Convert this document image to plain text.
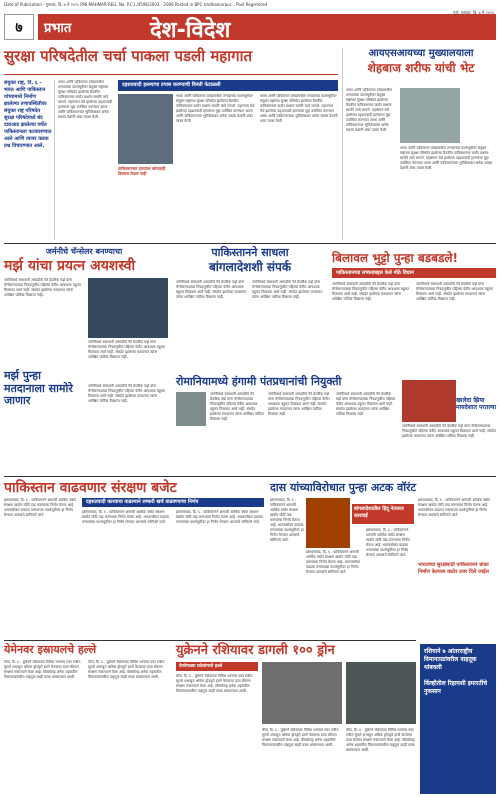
Date of Publication - गुरुवार, दि. ७ मे २०२५ RNI MAHMAR-REG. No. P.C.I./4596/2003 - 2006 Posted in BPC Undhamarpur... Post Registered
७	प्रभात	देश-विदेश
पुणे, गुरुवार, दि. ७ मे २०२५
सुरक्षा परिषदेतील चर्चा पाकला पडली महागात	आयएसआयच्या मुख्यालयाला
शेहबाज शरीफ यांची भेट
संयुक्त राष्ट्र, दि. ६ - भारत आणि पाकिस्तान यांच्यामध्ये निर्माण झालेल्या तणावस्थितीवर संयुक्त राष्ट्र परिषदेत सुरक्षा परिषदेमध्ये बंद दाराआड झालेल्या चर्चेत पाकिस्तानला फटकारण्यात आले आणि त्यावर कडक प्रश्न विचारण्यात आले.
भारत आणि पाकिस्तान यांच्यामधील तणावाच्या पार्श्वभूमीवर संयुक्त राष्ट्रांच्या सुरक्षा परिषदेत झालेल्या बैठकीत पाकिस्तानला कठोर प्रश्नांना सामोरे जावे लागले. पहलगाम येथे झालेल्या दहशतवादी हल्ल्याचा मुद्दा उपस्थित करण्यात आला आणि पाकिस्तानच्या भूमिकेबाबत अनेक सदस्य देशांनी शंका व्यक्त केली.
दहशतवादी हल्ल्याचा तपास करण्याची विनंती फेटाळली
पाकिस्तानच्या दाव्यांवर कोणताही विश्वास ठेवला नाही
भारत आणि पाकिस्तान यांच्यामधील तणावाच्या पार्श्वभूमीवर संयुक्त राष्ट्रांच्या सुरक्षा परिषदेत झालेल्या बैठकीत पाकिस्तानला कठोर प्रश्नांना सामोरे जावे लागले. पहलगाम येथे झालेल्या दहशतवादी हल्ल्याचा मुद्दा उपस्थित करण्यात आला आणि पाकिस्तानच्या भूमिकेबाबत अनेक सदस्य देशांनी शंका व्यक्त केली.
भारत आणि पाकिस्तान यांच्यामधील तणावाच्या पार्श्वभूमीवर संयुक्त राष्ट्रांच्या सुरक्षा परिषदेत झालेल्या बैठकीत पाकिस्तानला कठोर प्रश्नांना सामोरे जावे लागले. पहलगाम येथे झालेल्या दहशतवादी हल्ल्याचा मुद्दा उपस्थित करण्यात आला आणि पाकिस्तानच्या भूमिकेबाबत अनेक सदस्य देशांनी शंका व्यक्त केली.
भारत आणि पाकिस्तान यांच्यामधील तणावाच्या पार्श्वभूमीवर संयुक्त राष्ट्रांच्या सुरक्षा परिषदेत झालेल्या बैठकीत पाकिस्तानला कठोर प्रश्नांना सामोरे जावे लागले. पहलगाम येथे झालेल्या दहशतवादी हल्ल्याचा मुद्दा उपस्थित करण्यात आला आणि पाकिस्तानच्या भूमिकेबाबत अनेक सदस्य देशांनी शंका व्यक्त केली.
भारत आणि पाकिस्तान यांच्यामधील तणावाच्या पार्श्वभूमीवर संयुक्त राष्ट्रांच्या सुरक्षा परिषदेत झालेल्या बैठकीत पाकिस्तानला कठोर प्रश्नांना सामोरे जावे लागले. पहलगाम येथे झालेल्या दहशतवादी हल्ल्याचा मुद्दा उपस्थित करण्यात आला आणि पाकिस्तानच्या भूमिकेबाबत अनेक सदस्य देशांनी शंका व्यक्त केली.
जर्मनीचे चॅन्सेलर बनण्याचा
मर्झ यांचा प्रयत्न अयशस्वी
पाकिस्तानने साधला
बांगलादेशशी संपर्क
बिलावल भुट्टो पुन्हा बडबडले!
पाकिस्तानच्या लष्कराबद्दल केले मोठे विधान
जर्मनीमध्ये सत्ताधारी आघाडीचे नेते फ्रेडरिक मर्झ यांना चॅन्सेलरपदाच्या निवडणुकीत पहिल्या फेरीत आवश्यक बहुमत मिळवता आले नाही. संसदेत झालेल्या मतदानात त्यांना अपेक्षित पाठिंबा मिळाला नाही.
जर्मनीमध्ये सत्ताधारी आघाडीचे नेते फ्रेडरिक मर्झ यांना चॅन्सेलरपदाच्या निवडणुकीत पहिल्या फेरीत आवश्यक बहुमत मिळवता आले नाही. संसदेत झालेल्या मतदानात त्यांना अपेक्षित पाठिंबा मिळाला नाही.
मर्झ पुन्हा मतदानाला सामोरे जाणार
जर्मनीमध्ये सत्ताधारी आघाडीचे नेते फ्रेडरिक मर्झ यांना चॅन्सेलरपदाच्या निवडणुकीत पहिल्या फेरीत आवश्यक बहुमत मिळवता आले नाही. संसदेत झालेल्या मतदानात त्यांना अपेक्षित पाठिंबा मिळाला नाही.
जर्मनीमध्ये सत्ताधारी आघाडीचे नेते फ्रेडरिक मर्झ यांना चॅन्सेलरपदाच्या निवडणुकीत पहिल्या फेरीत आवश्यक बहुमत मिळवता आले नाही. संसदेत झालेल्या मतदानात त्यांना अपेक्षित पाठिंबा मिळाला नाही.
जर्मनीमध्ये सत्ताधारी आघाडीचे नेते फ्रेडरिक मर्झ यांना चॅन्सेलरपदाच्या निवडणुकीत पहिल्या फेरीत आवश्यक बहुमत मिळवता आले नाही. संसदेत झालेल्या मतदानात त्यांना अपेक्षित पाठिंबा मिळाला नाही.
जर्मनीमध्ये सत्ताधारी आघाडीचे नेते फ्रेडरिक मर्झ यांना चॅन्सेलरपदाच्या निवडणुकीत पहिल्या फेरीत आवश्यक बहुमत मिळवता आले नाही. संसदेत झालेल्या मतदानात त्यांना अपेक्षित पाठिंबा मिळाला नाही.
जर्मनीमध्ये सत्ताधारी आघाडीचे नेते फ्रेडरिक मर्झ यांना चॅन्सेलरपदाच्या निवडणुकीत पहिल्या फेरीत आवश्यक बहुमत मिळवता आले नाही. संसदेत झालेल्या मतदानात त्यांना अपेक्षित पाठिंबा मिळाला नाही.
रोमानियामध्ये हंगामी पंतप्रधानांची नियुक्ती
जर्मनीमध्ये सत्ताधारी आघाडीचे नेते फ्रेडरिक मर्झ यांना चॅन्सेलरपदाच्या निवडणुकीत पहिल्या फेरीत आवश्यक बहुमत मिळवता आले नाही. संसदेत झालेल्या मतदानात त्यांना अपेक्षित पाठिंबा मिळाला नाही.
जर्मनीमध्ये सत्ताधारी आघाडीचे नेते फ्रेडरिक मर्झ यांना चॅन्सेलरपदाच्या निवडणुकीत पहिल्या फेरीत आवश्यक बहुमत मिळवता आले नाही. संसदेत झालेल्या मतदानात त्यांना अपेक्षित पाठिंबा मिळाला नाही.
जर्मनीमध्ये सत्ताधारी आघाडीचे नेते फ्रेडरिक मर्झ यांना चॅन्सेलरपदाच्या निवडणुकीत पहिल्या फेरीत आवश्यक बहुमत मिळवता आले नाही. संसदेत झालेल्या मतदानात त्यांना अपेक्षित पाठिंबा मिळाला नाही.
खालेदा झिया मायदेशात परतल्या
जर्मनीमध्ये सत्ताधारी आघाडीचे नेते फ्रेडरिक मर्झ यांना चॅन्सेलरपदाच्या निवडणुकीत पहिल्या फेरीत आवश्यक बहुमत मिळवता आले नाही. संसदेत झालेल्या मतदानात त्यांना अपेक्षित पाठिंबा मिळाला नाही.
पाकिस्तान वाढवणार संरक्षण बजेट
दहशतवादी कारवाया वाढल्याने लष्करी खर्च वाढवण्याचा निर्णय
इस्लामाबाद, दि. ६ - पाकिस्तानने आगामी आर्थिक वर्षात संरक्षण खर्चात मोठी वाढ करण्याचा निर्णय घेतला आहे. भारतासोबत वाढत्या तणावाच्या पार्श्वभूमीवर हा निर्णय घेण्यात आल्याचे सांगितले जाते.
इस्लामाबाद, दि. ६ - पाकिस्तानने आगामी आर्थिक वर्षात संरक्षण खर्चात मोठी वाढ करण्याचा निर्णय घेतला आहे. भारतासोबत वाढत्या तणावाच्या पार्श्वभूमीवर हा निर्णय घेण्यात आल्याचे सांगितले जाते.
इस्लामाबाद, दि. ६ - पाकिस्तानने आगामी आर्थिक वर्षात संरक्षण खर्चात मोठी वाढ करण्याचा निर्णय घेतला आहे. भारतासोबत वाढत्या तणावाच्या पार्श्वभूमीवर हा निर्णय घेण्यात आल्याचे सांगितले जाते.
दास यांच्याविरोधात पुन्हा अटक वॉरंट
इस्लामाबाद, दि. ६ - पाकिस्तानने आगामी आर्थिक वर्षात संरक्षण खर्चात मोठी वाढ करण्याचा निर्णय घेतला आहे. भारतासोबत वाढत्या तणावाच्या पार्श्वभूमीवर हा निर्णय घेण्यात आल्याचे सांगितले जाते.
बांगलादेशातील हिंदू नेत्यावर कारवाई
इस्लामाबाद, दि. ६ - पाकिस्तानने आगामी आर्थिक वर्षात संरक्षण खर्चात मोठी वाढ करण्याचा निर्णय घेतला आहे. भारतासोबत वाढत्या तणावाच्या पार्श्वभूमीवर हा निर्णय घेण्यात आल्याचे सांगितले जाते.
इस्लामाबाद, दि. ६ - पाकिस्तानने आगामी आर्थिक वर्षात संरक्षण खर्चात मोठी वाढ करण्याचा निर्णय घेतला आहे. भारतासोबत वाढत्या तणावाच्या पार्श्वभूमीवर हा निर्णय घेण्यात आल्याचे सांगितले जाते.
इस्लामाबाद, दि. ६ - पाकिस्तानने आगामी आर्थिक वर्षात संरक्षण खर्चात मोठी वाढ करण्याचा निर्णय घेतला आहे. भारतासोबत वाढत्या तणावाच्या पार्श्वभूमीवर हा निर्णय घेण्यात आल्याचे सांगितले जाते.
भारताच्या सुरक्षेसाठी पाकिस्तानने धोका निर्माण केल्यास कठोर उत्तर दिले जाईल
येमेनवर इस्रायलचे हल्ले
कीव, दि. ६ - युक्रेनने रशियाच्या विविध भागांवर एका रात्रीत सुमारे शंभरहून अधिक ड्रोनद्वारे हल्ले केल्याचा दावा रशियन संरक्षण मंत्रालयाने केला आहे. मॉस्कोसह अनेक शहरांतील विमानतळांवरील वाहतूक काही काळ थांबवण्यात आली.
कीव, दि. ६ - युक्रेनने रशियाच्या विविध भागांवर एका रात्रीत सुमारे शंभरहून अधिक ड्रोनद्वारे हल्ले केल्याचा दावा रशियन संरक्षण मंत्रालयाने केला आहे. मॉस्कोसह अनेक शहरांतील विमानतळांवरील वाहतूक काही काळ थांबवण्यात आली.
युक्रेनने रशियावर डागली १०० ड्रोन
वेगवेगळ्या प्रदेशांमध्ये हल्ले
कीव, दि. ६ - युक्रेनने रशियाच्या विविध भागांवर एका रात्रीत सुमारे शंभरहून अधिक ड्रोनद्वारे हल्ले केल्याचा दावा रशियन संरक्षण मंत्रालयाने केला आहे. मॉस्कोसह अनेक शहरांतील विमानतळांवरील वाहतूक काही काळ थांबवण्यात आली.
कीव, दि. ६ - युक्रेनने रशियाच्या विविध भागांवर एका रात्रीत सुमारे शंभरहून अधिक ड्रोनद्वारे हल्ले केल्याचा दावा रशियन संरक्षण मंत्रालयाने केला आहे. मॉस्कोसह अनेक शहरांतील विमानतळांवरील वाहतूक काही काळ थांबवण्यात आली.
कीव, दि. ६ - युक्रेनने रशियाच्या विविध भागांवर एका रात्रीत सुमारे शंभरहून अधिक ड्रोनद्वारे हल्ले केल्याचा दावा रशियन संरक्षण मंत्रालयाने केला आहे. मॉस्कोसह अनेक शहरांतील विमानतळांवरील वाहतूक काही काळ थांबवण्यात आली.
रशियाने ७ आंतरराष्ट्रीय विमानतळांवरील वाहतूक थांबवली
किंव्हीतील रिहायशी इमारतींचे नुकसान
